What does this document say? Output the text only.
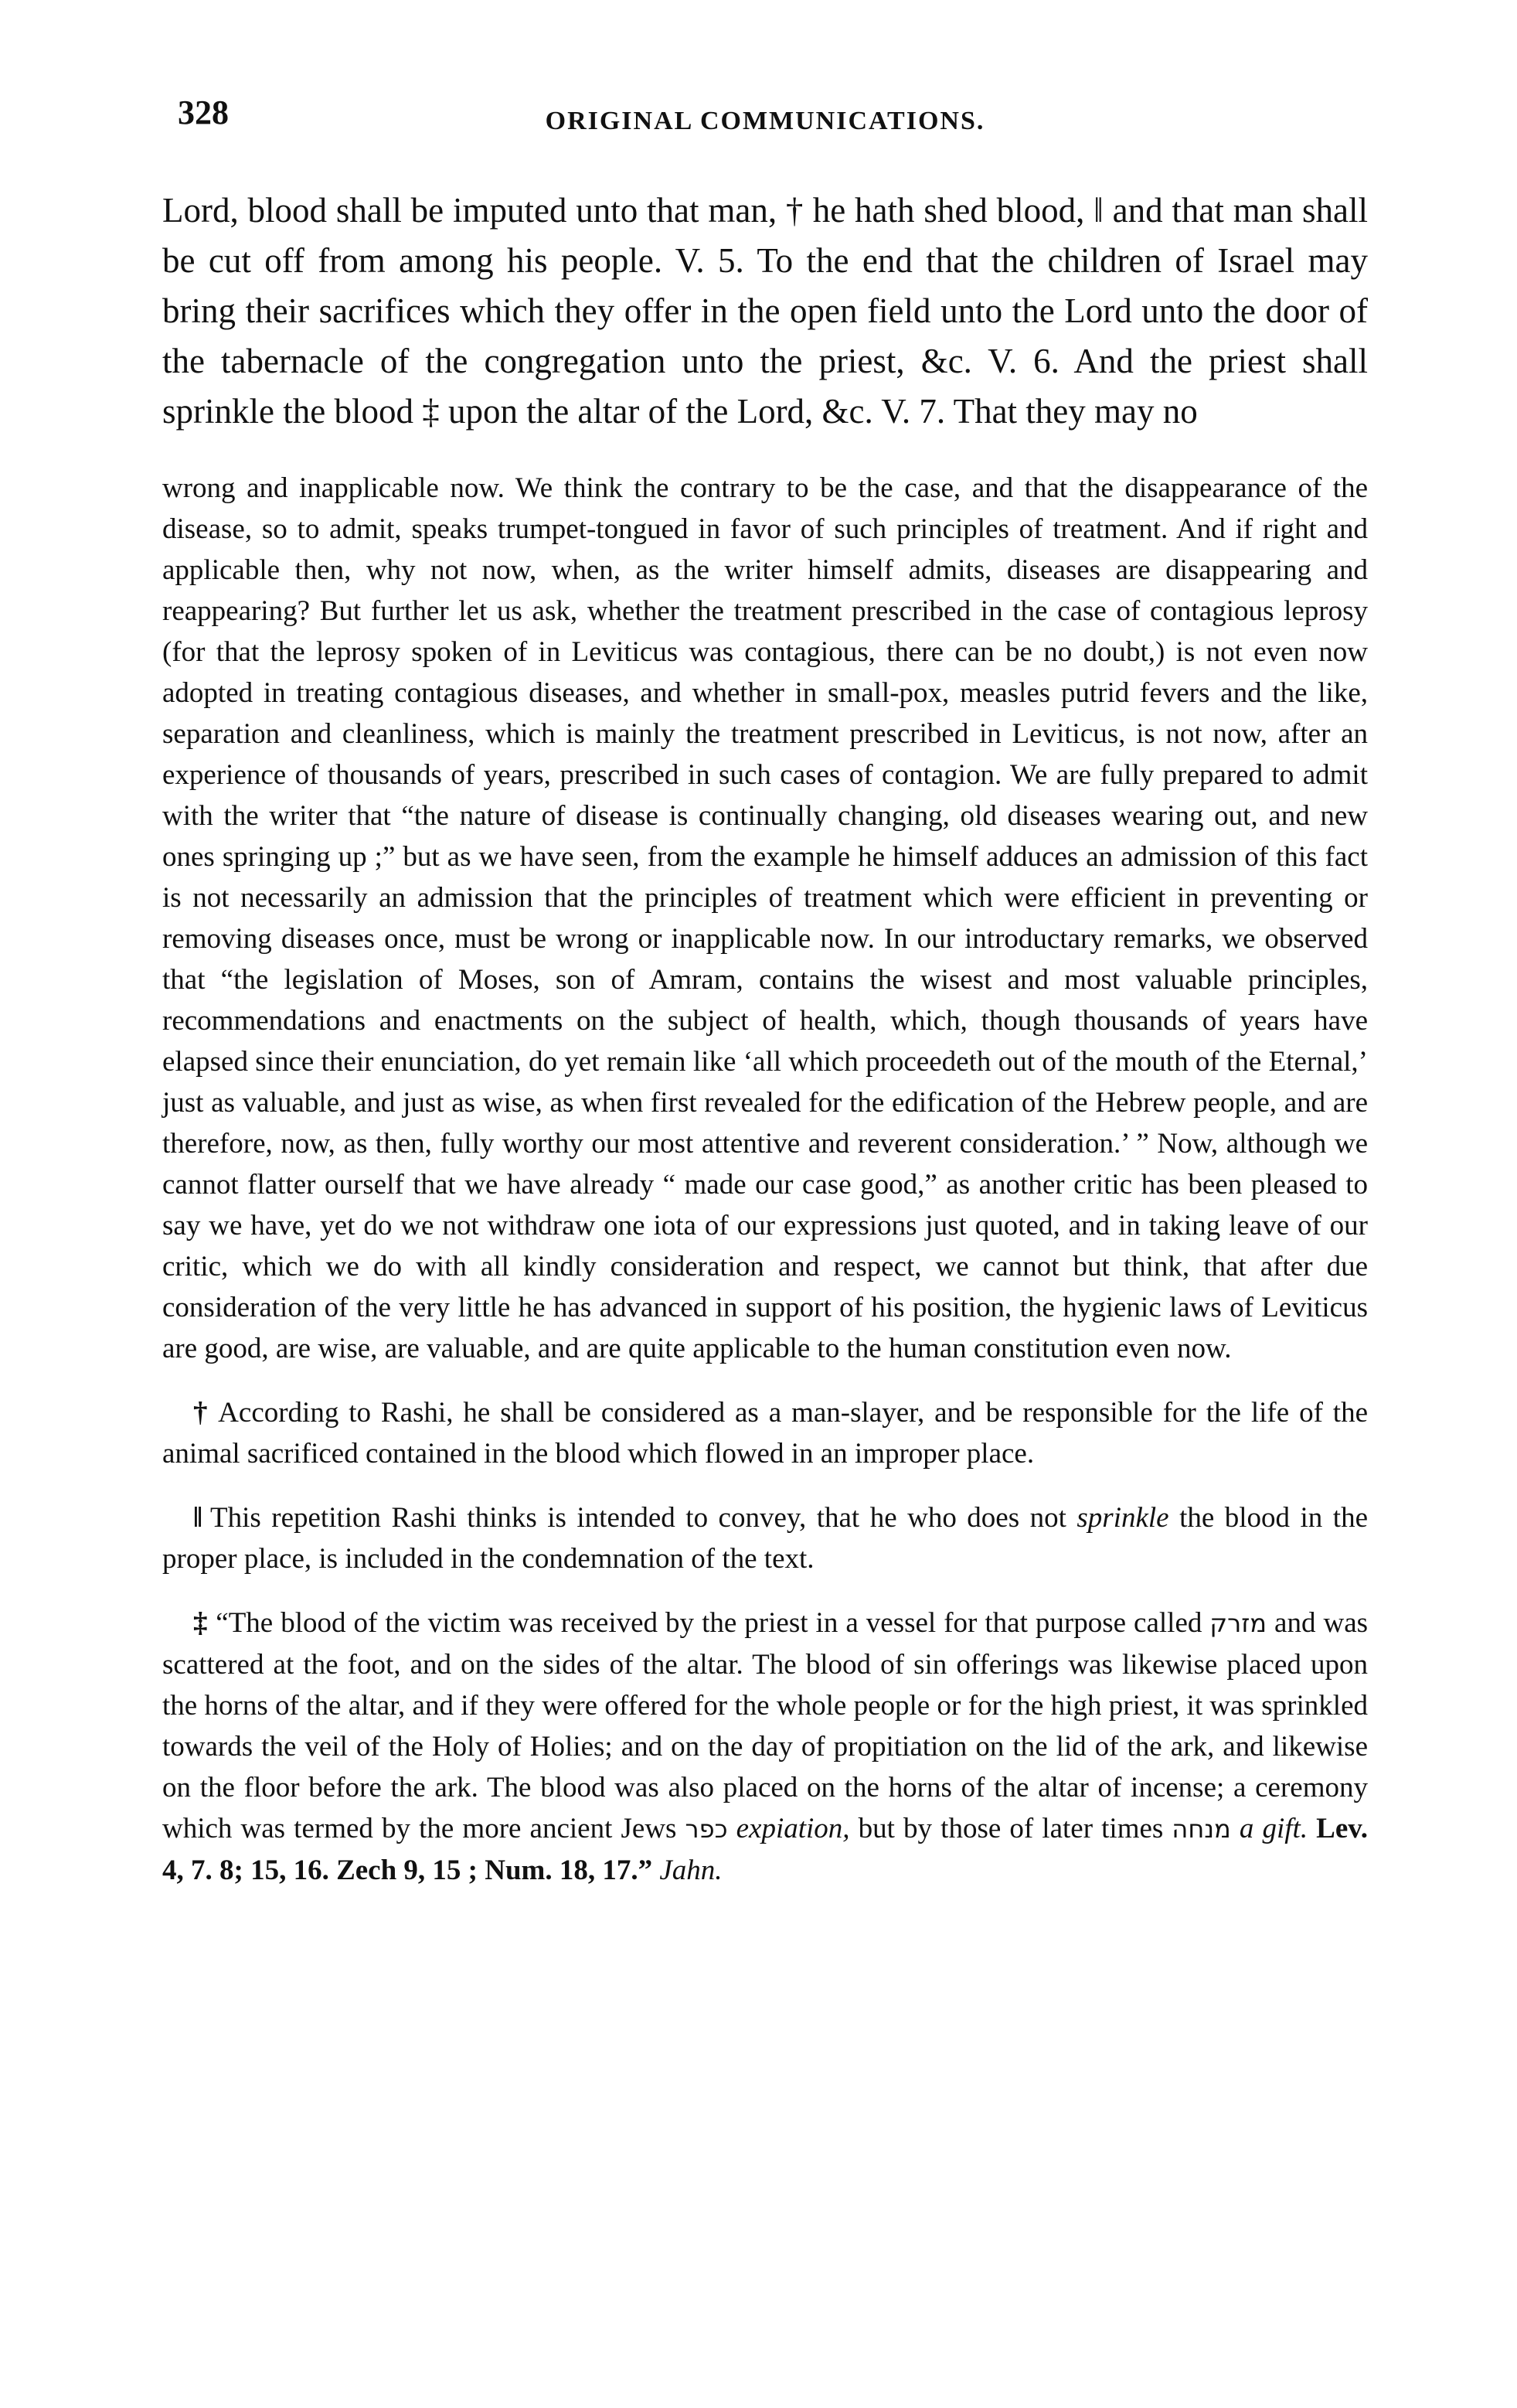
328	ORIGINAL COMMUNICATIONS.
Lord, blood shall be imputed unto that man, † he hath shed blood, ‖ and that man shall be cut off from among his people. V. 5. To the end that the children of Israel may bring their sacrifices which they offer in the open field unto the Lord unto the door of the tabernacle of the congregation unto the priest, &c. V. 6. And the priest shall sprinkle the blood ‡ upon the altar of the Lord, &c. V. 7. That they may no
wrong and inapplicable now. We think the contrary to be the case, and that the disappearance of the disease, so to admit, speaks trumpet-tongued in favor of such principles of treatment. And if right and applicable then, why not now, when, as the writer himself admits, diseases are disappearing and reappearing? But further let us ask, whether the treatment prescribed in the case of contagious leprosy (for that the leprosy spoken of in Leviticus was contagious, there can be no doubt,) is not even now adopted in treating contagious diseases, and whether in small-pox, measles putrid fevers and the like, separation and cleanliness, which is mainly the treatment prescribed in Leviticus, is not now, after an experience of thousands of years, prescribed in such cases of contagion. We are fully prepared to admit with the writer that “the nature of disease is continually changing, old diseases wearing out, and new ones springing up ;” but as we have seen, from the example he himself adduces an admission of this fact is not necessarily an admission that the principles of treatment which were efficient in preventing or removing diseases once, must be wrong or inapplicable now. In our introductary remarks, we observed that “the legislation of Moses, son of Amram, contains the wisest and most valuable principles, recommendations and enactments on the subject of health, which, though thousands of years have elapsed since their enunciation, do yet remain like ‘all which proceedeth out of the mouth of the Eternal,’ just as valuable, and just as wise, as when first revealed for the edification of the Hebrew people, and are therefore, now, as then, fully worthy our most attentive and reverent consideration.’ ” Now, although we cannot flatter ourself that we have already “ made our case good,” as another critic has been pleased to say we have, yet do we not withdraw one iota of our expressions just quoted, and in taking leave of our critic, which we do with all kindly consideration and respect, we cannot but think, that after due consideration of the very little he has advanced in support of his position, the hygienic laws of Leviticus are good, are wise, are valuable, and are quite applicable to the human constitution even now.
† According to Rashi, he shall be considered as a man-slayer, and be responsible for the life of the animal sacrificed contained in the blood which flowed in an improper place.
‖ This repetition Rashi thinks is intended to convey, that he who does not sprinkle the blood in the proper place, is included in the condemnation of the text.
‡ “The blood of the victim was received by the priest in a vessel for that purpose called מזרק and was scattered at the foot, and on the sides of the altar. The blood of sin offerings was likewise placed upon the horns of the altar, and if they were offered for the whole people or for the high priest, it was sprinkled towards the veil of the Holy of Holies; and on the day of propitiation on the lid of the ark, and likewise on the floor before the ark. The blood was also placed on the horns of the altar of incense; a ceremony which was termed by the more ancient Jews כפר expiation, but by those of later times מנחה a gift. Lev. 4, 7. 8; 15, 16. Zech 9, 15 ; Num. 18, 17.” Jahn.
